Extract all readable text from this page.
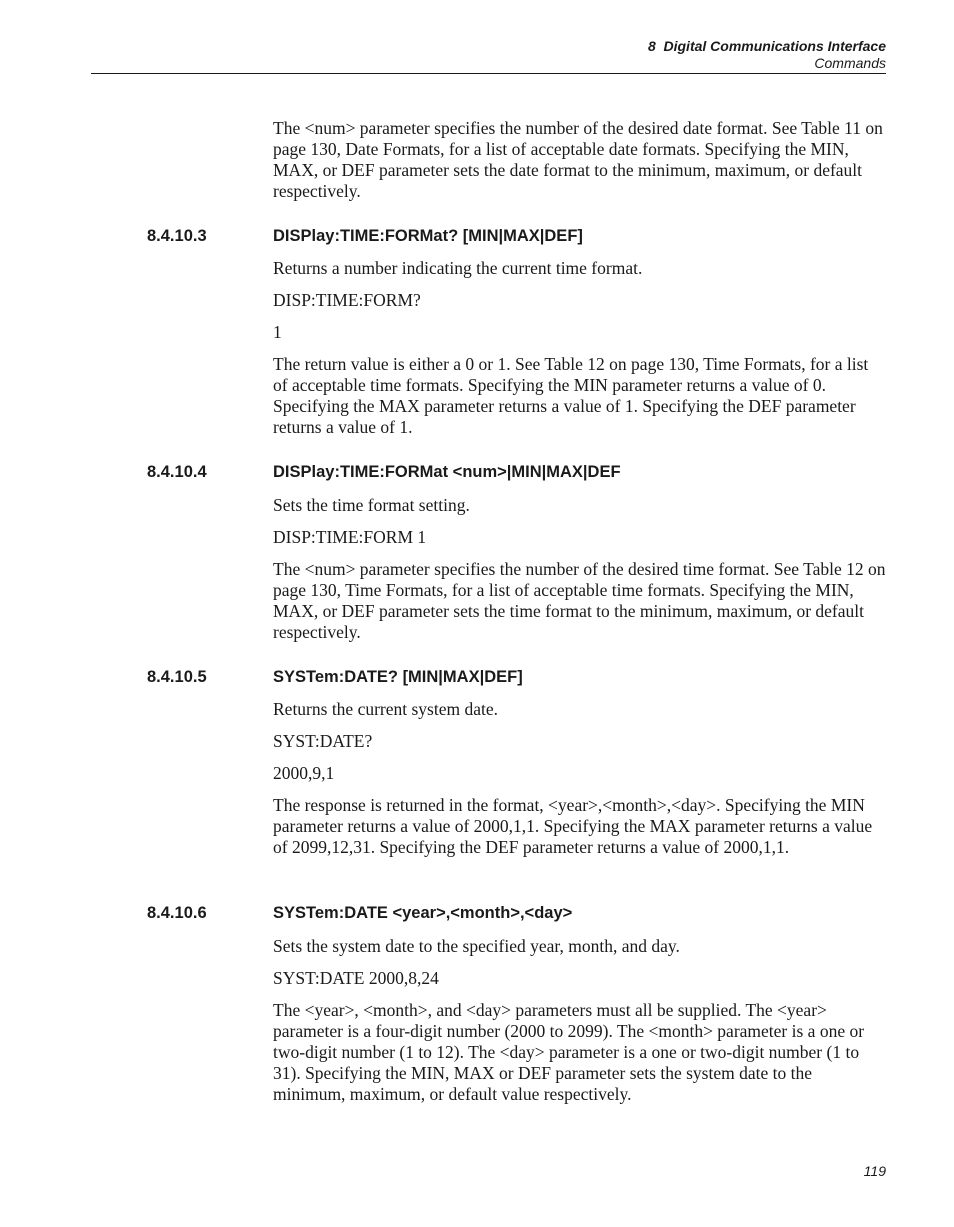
8  Digital Communications Interface
Commands

The <num> parameter specifies the number of the desired date format. See Table 11 on page 130, Date Formats, for a list of acceptable date formats. Specifying the MIN, MAX, or DEF parameter sets the date format to the minimum, maximum, or default respectively.

8.4.10.3	DISPlay:TIME:FORMat? [MIN|MAX|DEF]

Returns a number indicating the current time format.

DISP:TIME:FORM?

1

The return value is either a 0 or 1. See Table 12 on page 130, Time Formats, for a list of acceptable time formats. Specifying the MIN parameter returns a value of 0. Specifying the MAX parameter returns a value of 1. Specifying the DEF parameter returns a value of 1.

8.4.10.4	DISPlay:TIME:FORMat <num>|MIN|MAX|DEF

Sets the time format setting.

DISP:TIME:FORM 1

The <num> parameter specifies the number of the desired time format. See Table 12 on page 130, Time Formats, for a list of acceptable time formats. Specifying the MIN, MAX, or DEF parameter sets the time format to the minimum, maximum, or default respectively.

8.4.10.5	SYSTem:DATE? [MIN|MAX|DEF]

Returns the current system date.

SYST:DATE?

2000,9,1

The response is returned in the format, <year>,<month>,<day>. Specifying the MIN parameter returns a value of 2000,1,1. Specifying the MAX parameter returns a value of 2099,12,31. Specifying the DEF parameter returns a value of 2000,1,1.

8.4.10.6	SYSTem:DATE <year>,<month>,<day>

Sets the system date to the specified year, month, and day.

SYST:DATE 2000,8,24

The <year>, <month>, and <day> parameters must all be supplied. The <year> parameter is a four-digit number (2000 to 2099). The <month> parameter is a one or two-digit number (1 to 12). The <day> parameter is a one or two-digit number (1 to 31). Specifying the MIN, MAX or DEF parameter sets the system date to the minimum, maximum, or default value respectively.

119
